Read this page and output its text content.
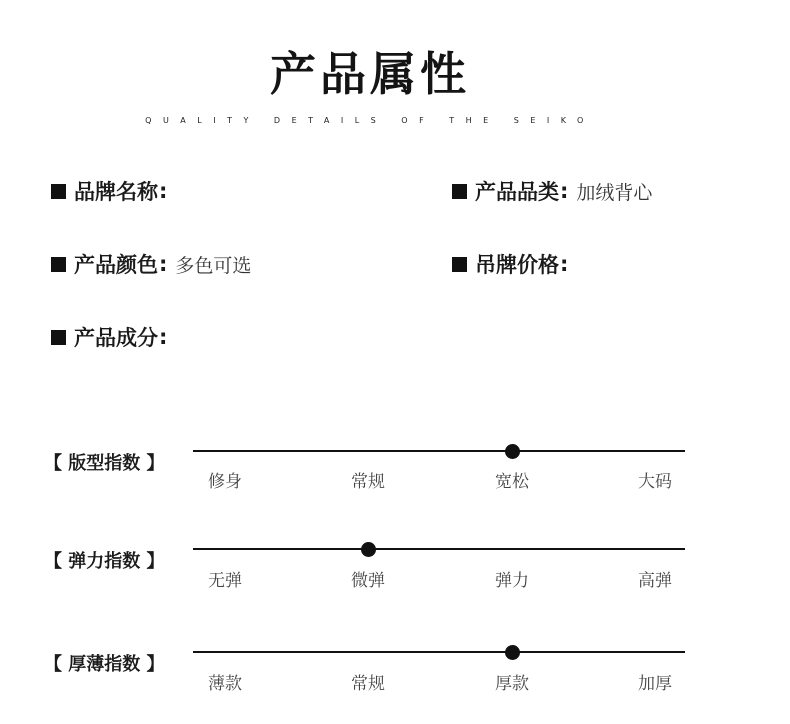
产品属性
QUALITY DETAILS OF THE SEIKO
品牌名称 :	产品品类 : 加绒背心
产品颜色 : 多色可选	吊牌价格 :
产品成分 :
【 版型指数 】
修身	常规	宽松	大码
【 弹力指数 】
无弹	微弹	弹力	高弹
【 厚薄指数 】
薄款	常规	厚款	加厚
